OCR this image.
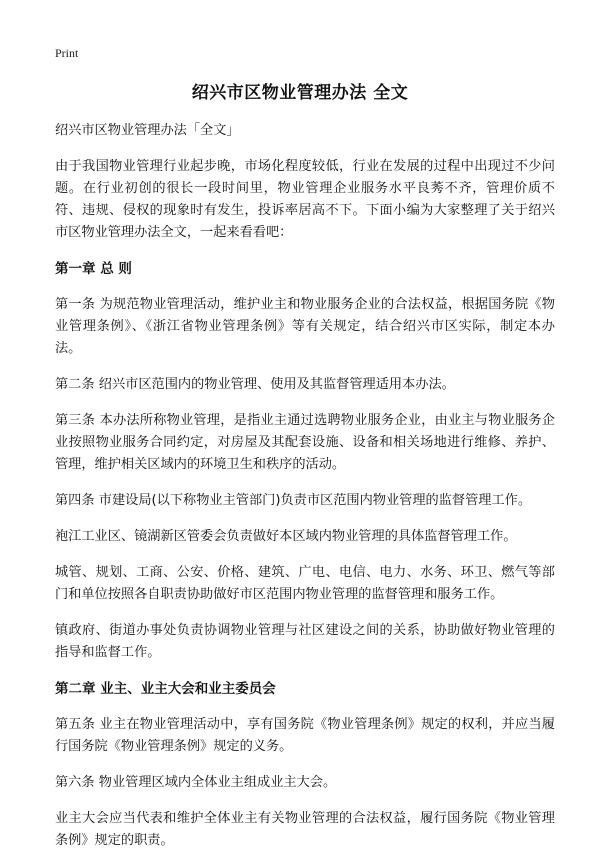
Print
绍兴市区物业管理办法 全文

绍兴市区物业管理办法「全文」

由于我国物业管理行业起步晚，市场化程度较低，行业在发展的过程中出现过不少问题。在行业初创的很长一段时间里，物业管理企业服务水平良莠不齐，管理价质不符、违规、侵权的现象时有发生，投诉率居高不下。下面小编为大家整理了关于绍兴市区物业管理办法全文，一起来看看吧：

第一章 总 则

第一条 为规范物业管理活动，维护业主和物业服务企业的合法权益，根据国务院《物业管理条例》、《浙江省物业管理条例》等有关规定，结合绍兴市区实际，制定本办法。

第二条 绍兴市区范围内的物业管理、使用及其监督管理适用本办法。

第三条 本办法所称物业管理，是指业主通过选聘物业服务企业，由业主与物业服务企业按照物业服务合同约定，对房屋及其配套设施、设备和相关场地进行维修、养护、管理，维护相关区域内的环境卫生和秩序的活动。

第四条 市建设局(以下称物业主管部门)负责市区范围内物业管理的监督管理工作。

袍江工业区、镜湖新区管委会负责做好本区域内物业管理的具体监督管理工作。

城管、规划、工商、公安、价格、建筑、广电、电信、电力、水务、环卫、燃气等部门和单位按照各自职责协助做好市区范围内物业管理的监督管理和服务工作。

镇政府、街道办事处负责协调物业管理与社区建设之间的关系，协助做好物业管理的指导和监督工作。

第二章 业主、业主大会和业主委员会

第五条 业主在物业管理活动中，享有国务院《物业管理条例》规定的权利，并应当履行国务院《物业管理条例》规定的义务。

第六条 物业管理区域内全体业主组成业主大会。

业主大会应当代表和维护全体业主有关物业管理的合法权益，履行国务院《物业管理条例》规定的职责。
